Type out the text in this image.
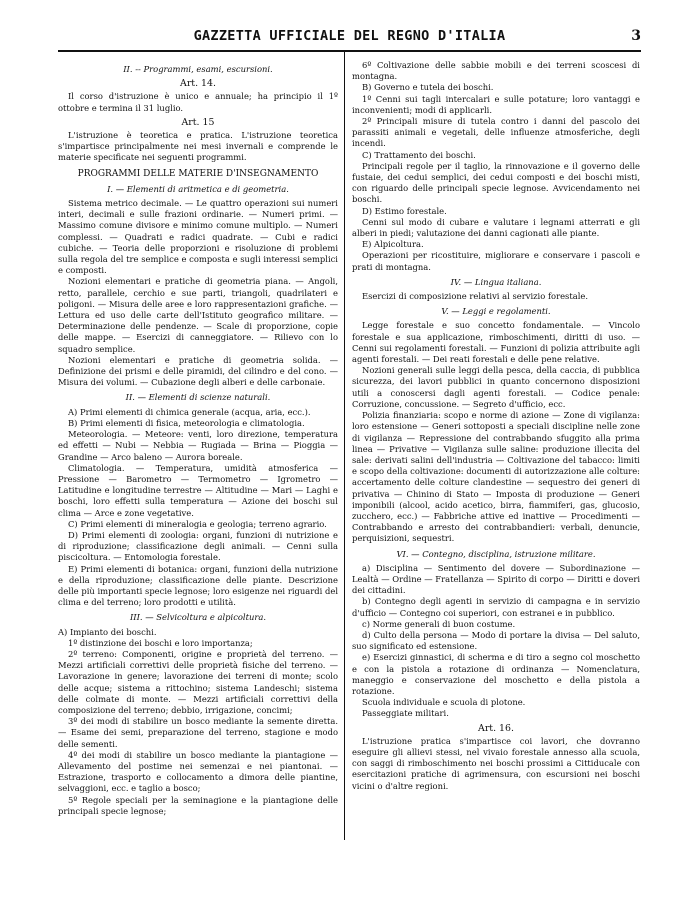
GAZZETTA UFFICIALE DEL REGNO D'ITALIA	3

II. -- Programmi, esami, escursioni.

Art. 14.

Il corso d'istruzione è unico e annuale; ha principio il 1º ottobre e termina il 31 luglio.

Art. 15

L'istruzione è teoretica e pratica. L'istruzione teoretica s'impartisce principalmente nei mesi invernali e comprende le materie specificate nei seguenti programmi.

PROGRAMMI DELLE MATERIE D'INSEGNAMENTO

I. — Elementi di aritmetica e di geometria.

Sistema metrico decimale. — Le quattro operazioni sui numeri interi, decimali e sulle frazioni ordinarie. — Numeri primi. — Massimo comune divisore e minimo comune multiplo. — Numeri complessi. — Quadrati e radici quadrate. — Cubi e radici cubiche. — Teoria delle proporzioni e risoluzione di problemi sulla regola del tre semplice e composta e sugli interessi semplici e composti.

Nozioni elementari e pratiche di geometria piana. — Angoli, retto, parallele, cerchio e sue parti, triangoli, quadrilateri e poligoni. — Misura delle aree e loro rappresentazioni grafiche. — Lettura ed uso delle carte dell'Istituto geografico militare. — Determinazione delle pendenze. — Scale di proporzione, copie delle mappe. — Esercizi di canneggiatore. — Rilievo con lo squadro semplice.

Nozioni elementari e pratiche di geometria solida. — Definizione dei prismi e delle piramidi, del cilindro e del cono. — Misura dei volumi. — Cubazione degli alberi e delle carbonaie.

II. — Elementi di scienze naturali.

A) Primi elementi di chimica generale (acqua, aria, ecc.).

B) Primi elementi di fisica, meteorologia e climatologia.

Meteorologia. — Meteore: venti, loro direzione, temperatura ed effetti — Nubi — Nebbia — Rugiada — Brina — Pioggia — Grandine — Arco baleno — Aurora boreale.

Climatologia. — Temperatura, umidità atmosferica — Pressione — Barometro — Termometro — Igrometro — Latitudine e longitudine terrestre — Altitudine — Mari — Laghi e boschi, loro effetti sulla temperatura — Azione dei boschi sul clima — Arce e zone vegetative.

C) Primi elementi di mineralogia e geologia; terreno agrario.

D) Primi elementi di zoologia: organi, funzioni di nutrizione e di riproduzione; classificazione degli animali. — Cenni sulla piscicoltura. — Entomologia forestale.

E) Primi elementi di botanica: organi, funzioni della nutrizione e della riproduzione; classificazione delle piante. Descrizione delle più importanti specie legnose; loro esigenze nei riguardi del clima e del terreno; loro prodotti e utilità.

III. — Selvicoltura e alpicoltura.

A) Impianto dei boschi.

1º distinzione dei boschi e loro importanza;

2º terreno: Componenti, origine e proprietà del terreno. — Mezzi artificiali correttivi delle proprietà fisiche del terreno. — Lavorazione in genere; lavorazione dei terreni di monte; scolo delle acque; sistema a rittochino; sistema Landeschi; sistema delle colmate di monte. — Mezzi artificiali correttivi della composizione del terreno; debbio, irrigazione, concimi;

3º dei modi di stabilire un bosco mediante la semente diretta. — Esame dei semi, preparazione del terreno, stagione e modo delle sementi.

4º dei modi di stabilire un bosco mediante la piantagione — Allevamento del postime nei semenzai e nei piantonai. — Estrazione, trasporto e collocamento a dimora delle piantine, selvaggioni, ecc. e taglio a bosco;

5º Regole speciali per la seminagione e la piantagione delle principali specie legnose;

6º Coltivazione delle sabbie mobili e dei terreni scoscesi di montagna.

B) Governo e tutela dei boschi.

1º Cenni sui tagli intercalari e sulle potature; loro vantaggi e inconvenienti; modi di applicarli.

2º Principali misure di tutela contro i danni del pascolo dei parassiti animali e vegetali, delle influenze atmosferiche, degli incendi.

C) Trattamento dei boschi.

Principali regole per il taglio, la rinnovazione e il governo delle fustaie, dei cedui semplici, dei cedui composti e dei boschi misti, con riguardo delle principali specie legnose. Avvicendamento nei boschi.

D) Estimo forestale.

Cenni sul modo di cubare e valutare i legnami atterrati e gli alberi in piedi; valutazione dei danni cagionati alle piante.

E) Alpicoltura.

Operazioni per ricostituire, migliorare e conservare i pascoli e prati di montagna.

IV. — Lingua italiana.

Esercizi di composizione relativi al servizio forestale.

V. — Leggi e regolamenti.

Legge forestale e suo concetto fondamentale. — Vincolo forestale e sua applicazione, rimboschimenti, diritti di uso. — Cenni sui regolamenti forestali. — Funzioni di polizia attribuite agli agenti forestali. — Dei reati forestali e delle pene relative.

Nozioni generali sulle leggi della pesca, della caccia, di pubblica sicurezza, dei lavori pubblici in quanto concernono disposizioni utili a conoscersi dagli agenti forestali. — Codice penale: Corruzione, concussione. — Segreto d'ufficio, ecc.

Polizia finanziaria: scopo e norme di azione — Zone di vigilanza: loro estensione — Generi sottoposti a speciali discipline nelle zone di vigilanza — Repressione del contrabbando sfuggito alla prima linea — Privative — Vigilanza sulle saline: produzione illecita del sale: derivati salini dell'industria — Coltivazione del tabacco: limiti e scopo della coltivazione: documenti di autorizzazione alle colture: accertamento delle colture clandestine — sequestro dei generi di privativa — Chinino di Stato — Imposta di produzione — Generi imponibili (alcool, acido acetico, birra, fiammiferi, gas, glucosio, zucchero, ecc.) — Fabbriche attive ed inattive — Procedimenti — Contrabbando e arresto dei contrabbandieri: verbali, denuncie, perquisizioni, sequestri.

VI. — Contegno, disciplina, istruzione militare.

a) Disciplina — Sentimento del dovere — Subordinazione — Lealtà — Ordine — Fratellanza — Spirito di corpo — Diritti e doveri dei cittadini.

b) Contegno degli agenti in servizio di campagna e in servizio d'ufficio — Contegno coi superiori, con estranei e in pubblico.

c) Norme generali di buon costume.

d) Culto della persona — Modo di portare la divisa — Del saluto, suo significato ed estensione.

e) Esercizi ginnastici, di scherma e di tiro a segno col moschetto e con la pistola a rotazione di ordinanza — Nomenclatura, maneggio e conservazione del moschetto e della pistola a rotazione.

Scuola individuale e scuola di plotone.

Passeggiate militari.

Art. 16.

L'istruzione pratica s'impartisce coi lavori, che dovranno eseguire gli allievi stessi, nel vivaio forestale annesso alla scuola, con saggi di rimboschimento nei boschi prossimi a Cittiducale con esercitazioni pratiche di agrimensura, con escursioni nei boschi vicini o d'altre regioni.
